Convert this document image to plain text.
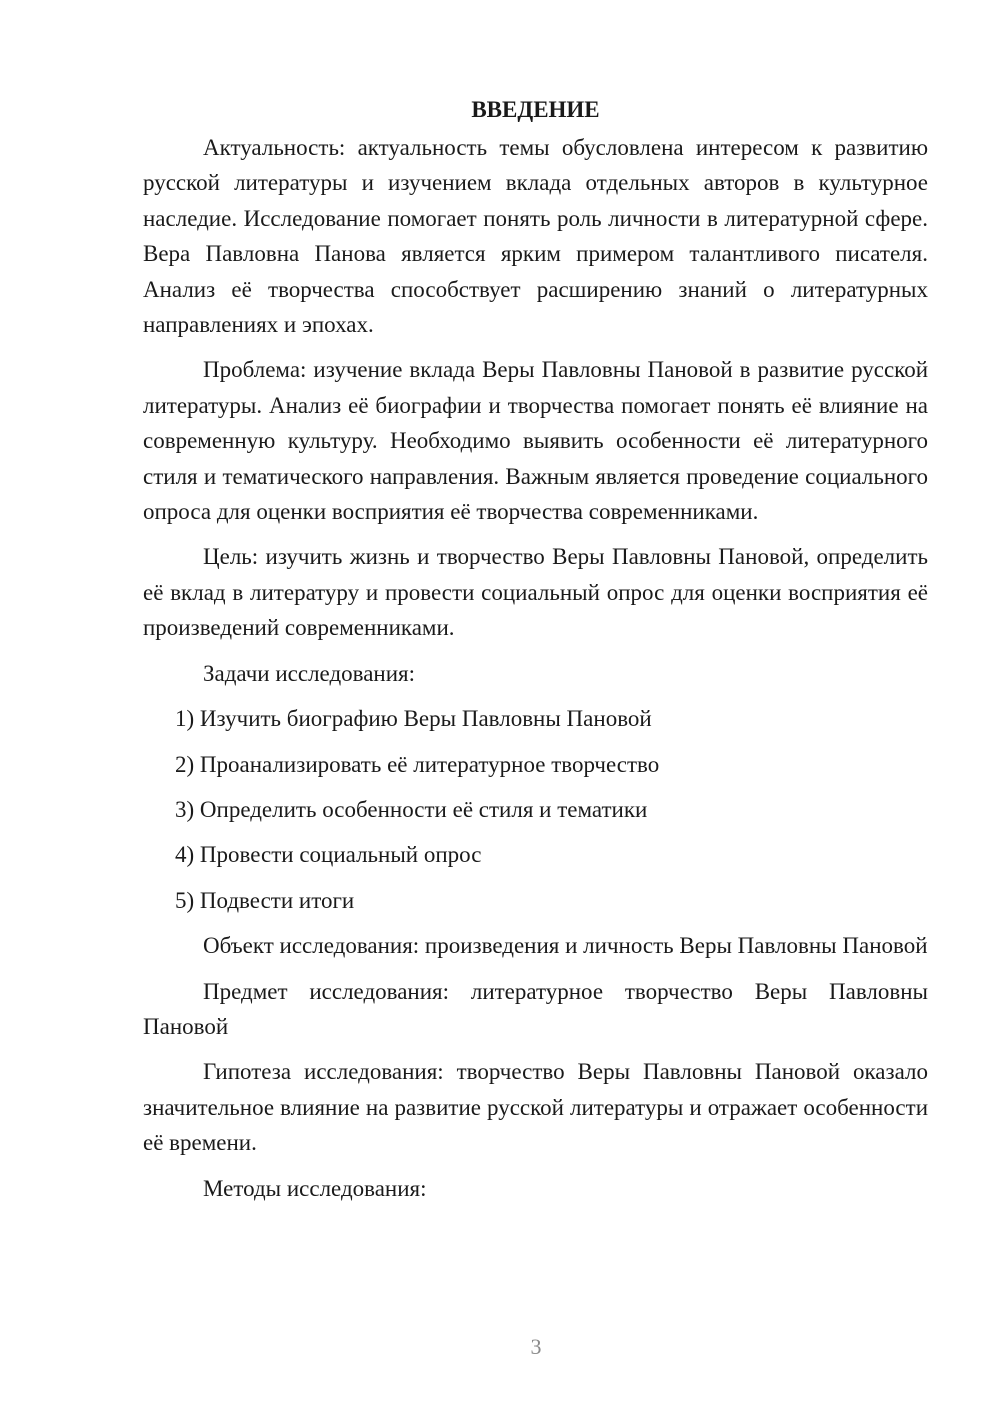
ВВЕДЕНИЕ

Актуальность: актуальность темы обусловлена интересом к развитию русской литературы и изучением вклада отдельных авторов в культурное наследие. Исследование помогает понять роль личности в литературной сфере. Вера Павловна Панова является ярким примером талантливого писателя. Анализ её творчества способствует расширению знаний о литературных направлениях и эпохах.

Проблема: изучение вклада Веры Павловны Пановой в развитие русской литературы. Анализ её биографии и творчества помогает понять её влияние на современную культуру. Необходимо выявить особенности её литературного стиля и тематического направления. Важным является проведение социального опроса для оценки восприятия её творчества современниками.

Цель: изучить жизнь и творчество Веры Павловны Пановой, определить её вклад в литературу и провести социальный опрос для оценки восприятия её произведений современниками.

Задачи исследования:

1) Изучить биографию Веры Павловны Пановой
2) Проанализировать её литературное творчество
3) Определить особенности её стиля и тематики
4) Провести социальный опрос
5) Подвести итоги

Объект исследования: произведения и личность Веры Павловны Пановой

Предмет исследования: литературное творчество Веры Павловны Пановой

Гипотеза исследования: творчество Веры Павловны Пановой оказало значительное влияние на развитие русской литературы и отражает особенности её времени.

Методы исследования:

3
